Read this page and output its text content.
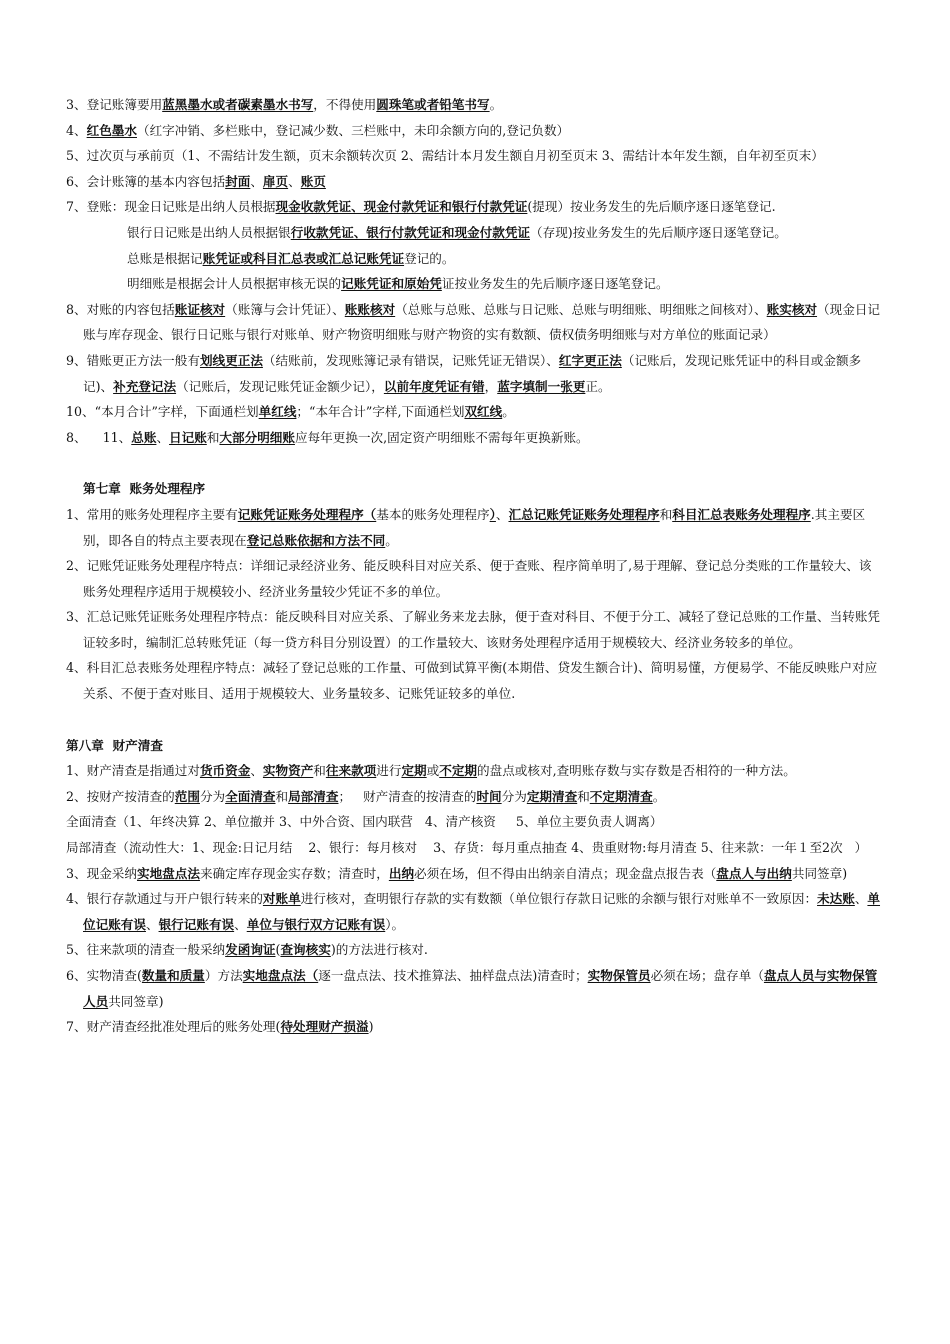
3、登记账簿要用蓝黑墨水或者碳素墨水书写，不得使用圆珠笔或者铅笔书写。
4、红色墨水（红字冲销、多栏账中，登记减少数、三栏账中，未印余额方向的,登记负数）
5、过次页与承前页（1、不需结计发生额，页末余额转次页 2、需结计本月发生额自月初至页末 3、需结计本年发生额，自年初至页末）
6、会计账簿的基本内容包括封面、扉页、账页
7、登账：现金日记账是出纳人员根据现金收款凭证、现金付款凭证和银行付款凭证(提现）按业务发生的先后顺序逐日逐笔登记.
银行日记账是出纳人员根据银行收款凭证、银行付款凭证和现金付款凭证（存现)按业务发生的先后顺序逐日逐笔登记。
总账是根据记账凭证或科目汇总表或汇总记账凭证登记的。
明细账是根据会计人员根据审核无误的记账凭证和原始凭证按业务发生的先后顺序逐日逐笔登记。
8、对账的内容包括账证核对（账簿与会计凭证）、账账核对（总账与总账、总账与日记账、总账与明细账、明细账之间核对）、账实核对（现金日记账与库存现金、银行日记账与银行对账单、财产物资明细账与财产物资的实有数额、债权债务明细账与对方单位的账面记录）
9、错账更正方法一般有划线更正法（结账前，发现账簿记录有错误，记账凭证无错误）、红字更正法（记账后，发现记账凭证中的科目或金额多记)、补充登记法（记账后，发现记账凭证金额少记），以前年度凭证有错，蓝字填制一张更正。
10、“本月合计”字样，下面通栏划单红线；“本年合计”字样,下面通栏划双红线。
8、    11、总账、日记账和大部分明细账应每年更换一次,固定资产明细账不需每年更换新账。
第七章  账务处理程序
1、常用的账务处理程序主要有记账凭证账务处理程序（基本的账务处理程序）、汇总记账凭证账务处理程序和科目汇总表账务处理程序.其主要区别，即各自的特点主要表现在登记总账依据和方法不同。
2、记账凭证账务处理程序特点：详细记录经济业务、能反映科目对应关系、便于查账、程序简单明了,易于理解、登记总分类账的工作量较大、该账务处理程序适用于规模较小、经济业务量较少凭证不多的单位。
3、汇总记账凭证账务处理程序特点：能反映科目对应关系、了解业务来龙去脉，便于查对科目、不便于分工、减轻了登记总账的工作量、当转账凭证较多时，编制汇总转账凭证（每一贷方科目分别设置）的工作量较大、该财务处理程序适用于规模较大、经济业务较多的单位。
4、科目汇总表账务处理程序特点：减轻了登记总账的工作量、可做到试算平衡(本期借、贷发生额合计)、简明易懂，方便易学、不能反映账户对应关系、不便于查对账目、适用于规模较大、业务量较多、记账凭证较多的单位.
第八章  财产清查
1、财产清查是指通过对货币资金、实物资产和往来款项进行定期或不定期的盘点或核对,查明账存数与实存数是否相符的一种方法。
2、按财产按清查的范围分为全面清查和局部清查；   财产清查的按清查的时间分为定期清查和不定期清查。
全面清查（1、年终决算 2、单位撤并 3、中外合资、国内联营   4、清产核资     5、单位主要负责人调离）
局部清查（流动性大：1、现金:日记月结    2、银行：每月核对    3、存货：每月重点抽查 4、贵重财物:每月清查 5、往来款：一年１至2次   ）
3、现金采纳实地盘点法来确定库存现金实存数；清查时，出纳必须在场，但不得由出纳亲自清点；现金盘点报告表（盘点人与出纳共同签章)
4、银行存款通过与开户银行转来的对账单进行核对，查明银行存款的实有数额（单位银行存款日记账的余额与银行对账单不一致原因：未达账、单位记账有误、银行记账有误、单位与银行双方记账有误）。
5、往来款项的清查一般采纳发函询证(查询核实)的方法进行核对.
6、实物清查(数量和质量）方法实地盘点法（逐一盘点法、技术推算法、抽样盘点法)清查时；实物保管员必须在场；盘存单（盘点人员与实物保管人员共同签章)
7、财产清查经批准处理后的账务处理(待处理财产损溢)
